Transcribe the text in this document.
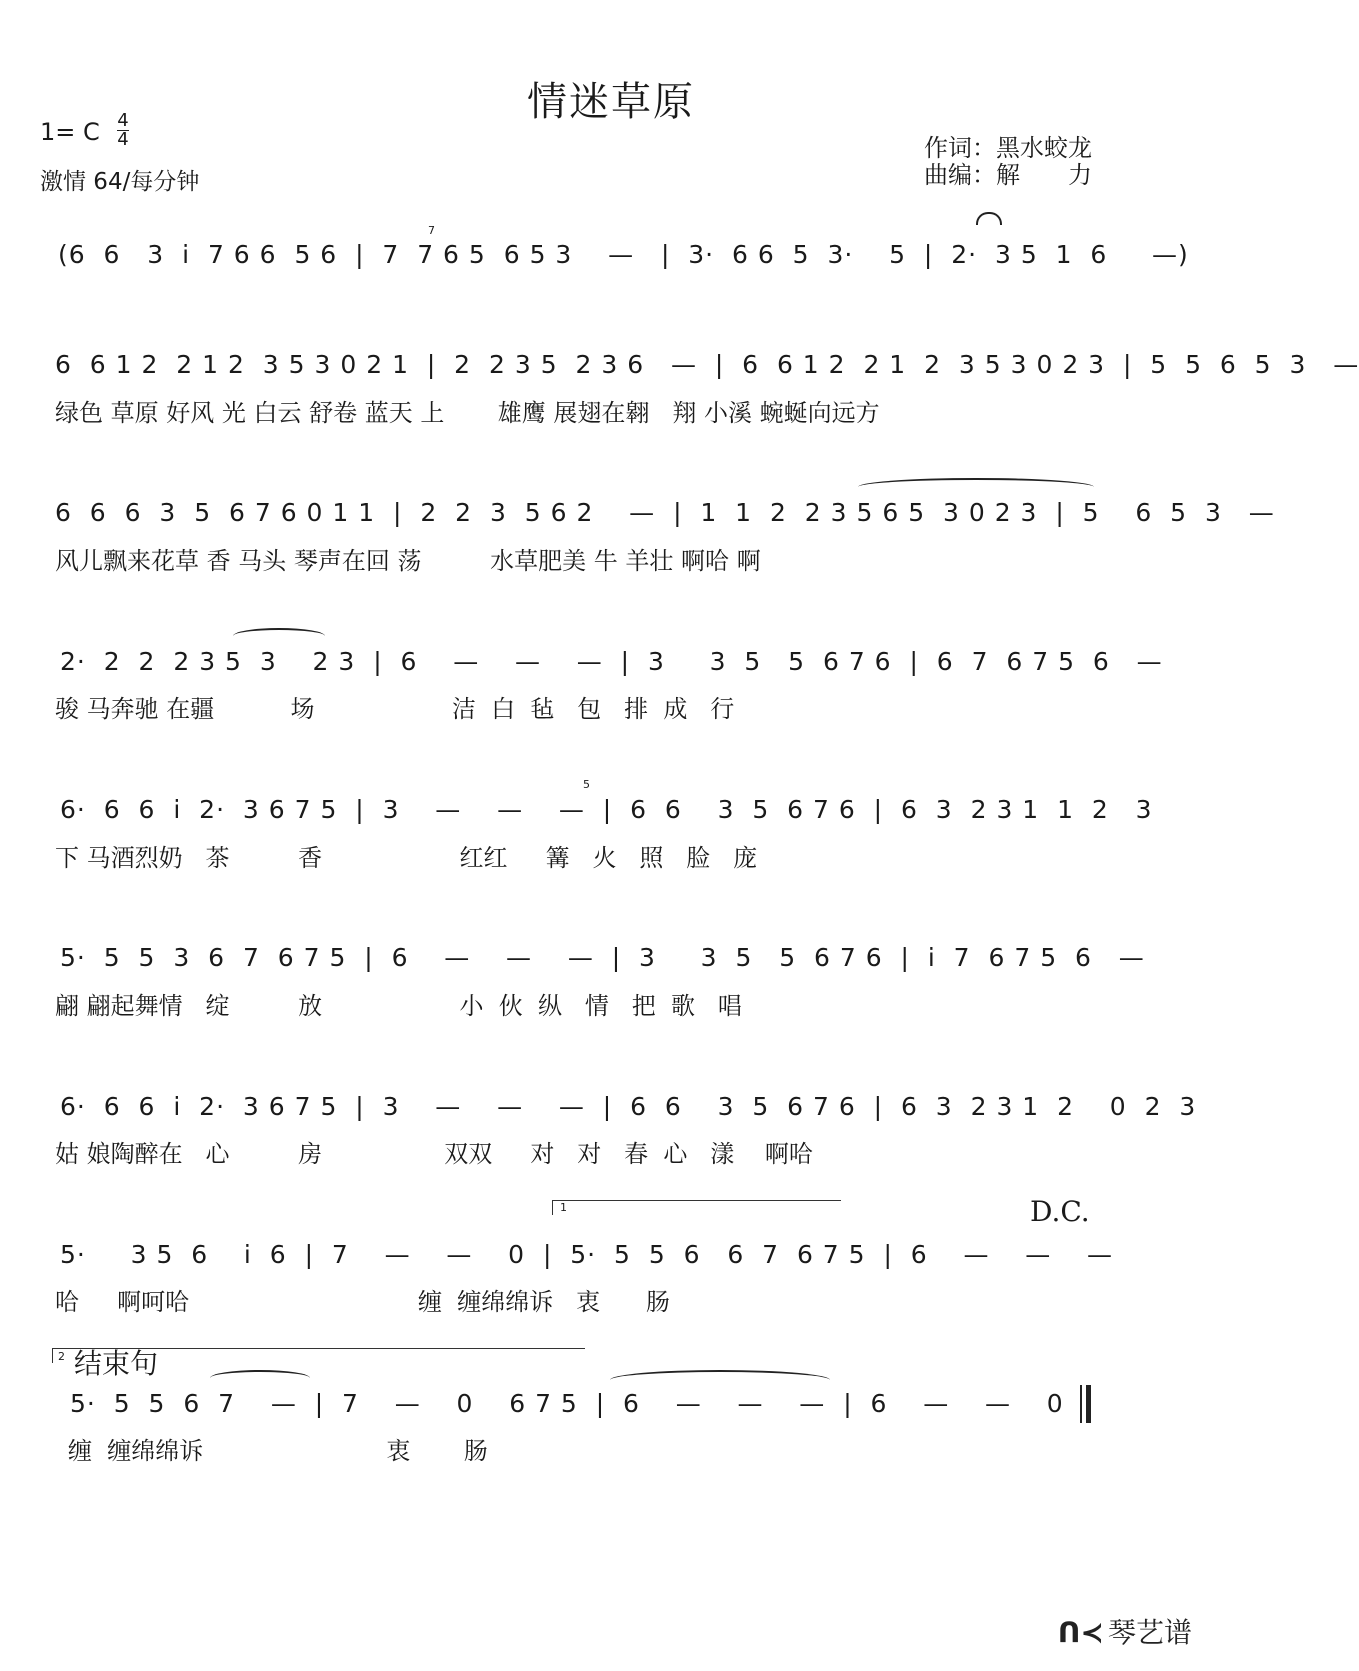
情迷草原
1= C 4
4
激情 64/每分钟
作词：黑水蛟龙
曲编：解　　力
(6  6   3  i  7 6 6  5 6  |  7  7 6 5  6 5 3    —   |  3·  6 6  5  3·    5  |  2·  3 5  1  6     —)
6  6 1 2  2 1 2  3 5 3 0 2 1  |  2  2 3 5  2 3 6   —  |  6  6 1 2  2 1  2  3 5 3 0 2 3  |  5  5  6  5  3   —
绿色 草原 好风 光 白云 舒卷 蓝天 上       雄鹰 展翅在翱   翔 小溪 蜿蜒向远方
6  6  6  3  5  6 7 6 0 1 1  |  2  2  3  5 6 2    —  |  1  1  2  2 3 5 6 5  3 0 2 3  |  5    6  5  3   —
风儿飘来花草 香 马头 琴声在回 荡         水草肥美 牛 羊壮 啊哈 啊
2·  2  2  2 3 5  3    2 3  |  6    —    —    —  |  3     3  5   5  6 7 6  |  6  7  6 7 5  6   —
骏 马奔驰 在疆          场                  洁  白  毡   包   排  成   行
6·  6  6  i  2·  3 6 7 5  |  3    —    —    —  |  6  6    3  5  6 7 6  |  6  3  2 3 1  1  2   3
下 马酒烈奶   茶         香                  红红     篝   火   照   脸   庞
5·  5  5  3  6  7  6 7 5  |  6    —    —    —  |  3     3  5   5  6 7 6  |  i  7  6 7 5  6   —
翩 翩起舞情   绽         放                  小  伙  纵   情   把  歌   唱
6·  6  6  i  2·  3 6 7 5  |  3    —    —    —  |  6  6    3  5  6 7 6  |  6  3  2 3 1  2    0  2  3
姑 娘陶醉在   心         房                双双     对   对   春  心   漾    啊哈
1	D.C.
5·     3 5  6    i  6  |  7    —    —    0  |  5·  5  5  6   6  7  6 7 5  |  6    —    —    —
哈     啊呵哈                              缠  缠绵绵诉   衷      肠
2 结束句
5·  5  5  6  7    —  |  7    —    0    6 7 5  |  6    —    —    —  |  6    —    —    0
缠  缠绵绵诉                        衷       肠
7
5
ᑎ≺ 琴艺谱
